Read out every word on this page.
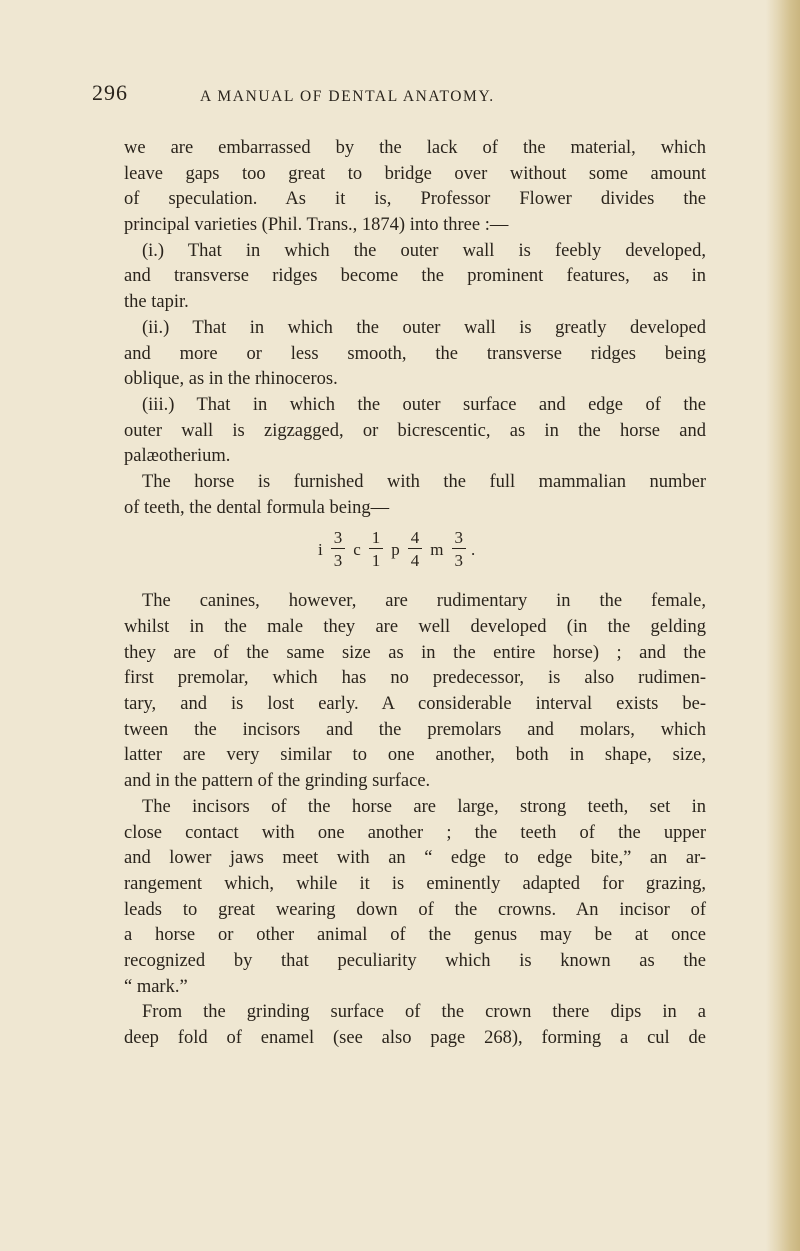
296	A MANUAL OF DENTAL ANATOMY.
we are embarrassed by the lack of the material, which
leave gaps too great to bridge over without some amount
of speculation. As it is, Professor Flower divides the
principal varieties (Phil. Trans., 1874) into three :—
(i.) That in which the outer wall is feebly developed,
and transverse ridges become the prominent features, as in
the tapir.
(ii.) That in which the outer wall is greatly developed
and more or less smooth, the transverse ridges being
oblique, as in the rhinoceros.
(iii.) That in which the outer surface and edge of the
outer wall is zigzagged, or bicrescentic, as in the horse and
palæotherium.
The horse is furnished with the full mammalian number
of teeth, the dental formula being—
i $\frac{3}{3}$ c $\frac{1}{1}$ p $\frac{4}{4}$ m $\frac{3}{3}$ .
The canines, however, are rudimentary in the female,
whilst in the male they are well developed (in the gelding
they are of the same size as in the entire horse) ; and the
first premolar, which has no predecessor, is also rudimen-
tary, and is lost early. A considerable interval exists be-
tween the incisors and the premolars and molars, which
latter are very similar to one another, both in shape, size,
and in the pattern of the grinding surface.
The incisors of the horse are large, strong teeth, set in
close contact with one another ; the teeth of the upper
and lower jaws meet with an “ edge to edge bite,” an ar-
rangement which, while it is eminently adapted for grazing,
leads to great wearing down of the crowns. An incisor of
a horse or other animal of the genus may be at once
recognized by that peculiarity which is known as the
“ mark.”
From the grinding surface of the crown there dips in a
deep fold of enamel (see also page 268), forming a cul de
